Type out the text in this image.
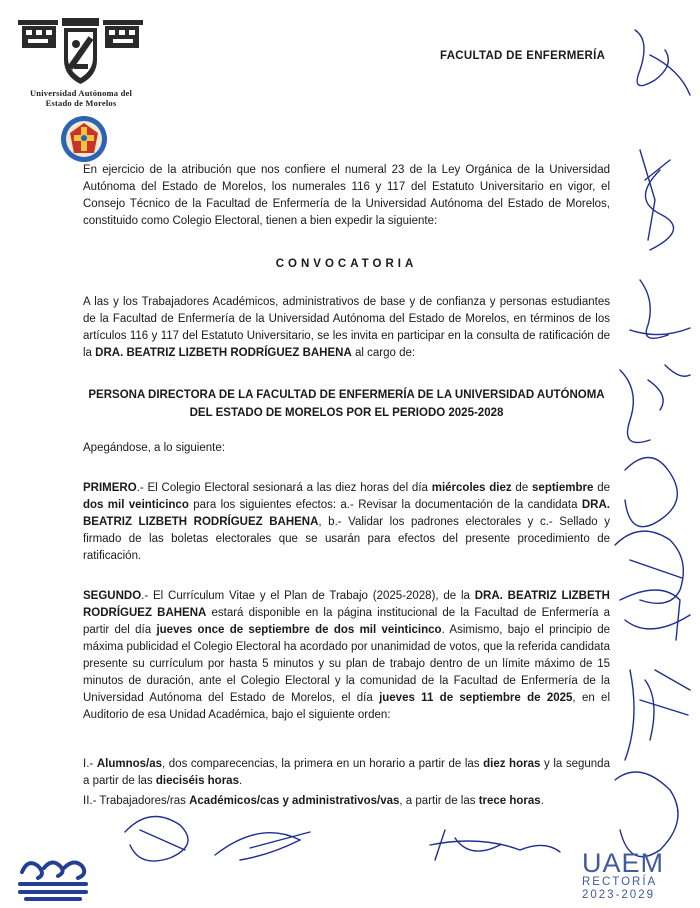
Universidad Autónoma del
Estado de Morelos
FACULTAD DE ENFERMERÍA
En ejercicio de la atribución que nos confiere el numeral 23 de la Ley Orgánica de la Universidad Autónoma del Estado de Morelos, los numerales 116 y 117 del Estatuto Universitario en vigor, el Consejo Técnico de la Facultad de Enfermería de la Universidad Autónoma del Estado de Morelos, constituido como Colegio Electoral, tienen a bien expedir la siguiente:
CONVOCATORIA
A las y los Trabajadores Académicos, administrativos de base y de confianza y personas estudiantes de la Facultad de Enfermería de la Universidad Autónoma del Estado de Morelos, en términos de los artículos 116 y 117 del Estatuto Universitario, se les invita en participar en la consulta de ratificación de la DRA. BEATRIZ LIZBETH RODRÍGUEZ BAHENA al cargo de:
PERSONA DIRECTORA DE LA FACULTAD DE ENFERMERÍA DE LA UNIVERSIDAD AUTÓNOMA
DEL ESTADO DE MORELOS POR EL PERIODO 2025-2028
Apegándose, a lo siguiente:
PRIMERO.- El Colegio Electoral sesionará a las diez horas del día miércoles diez de septiembre de dos mil veinticinco para los siguientes efectos: a.- Revisar la documentación de la candidata DRA. BEATRIZ LIZBETH RODRÍGUEZ BAHENA, b.- Validar los padrones electorales y c.- Sellado y firmado de las boletas electorales que se usarán para efectos del presente procedimiento de ratificación.
SEGUNDO.- El Currículum Vitae y el Plan de Trabajo (2025-2028), de la DRA. BEATRIZ LIZBETH RODRÍGUEZ BAHENA estará disponible en la página institucional de la Facultad de Enfermería a partir del día jueves once de septiembre de dos mil veinticinco. Asimismo, bajo el principio de máxima publicidad el Colegio Electoral ha acordado por unanimidad de votos, que la referida candidata presente su currículum por hasta 5 minutos y su plan de trabajo dentro de un límite máximo de 15 minutos de duración, ante el Colegio Electoral y la comunidad de la Facultad de Enfermería de la Universidad Autónoma del Estado de Morelos, el día jueves 11 de septiembre de 2025, en el Auditorio de esa Unidad Académica, bajo el siguiente orden:
I.- Alumnos/as, dos comparecencias, la primera en un horario a partir de las diez horas y la segunda a partir de las dieciséis horas.
II.- Trabajadores/ras Académicos/cas y administrativos/vas, a partir de las trece horas.
UAEM
RECTORÍA
2023-2029
